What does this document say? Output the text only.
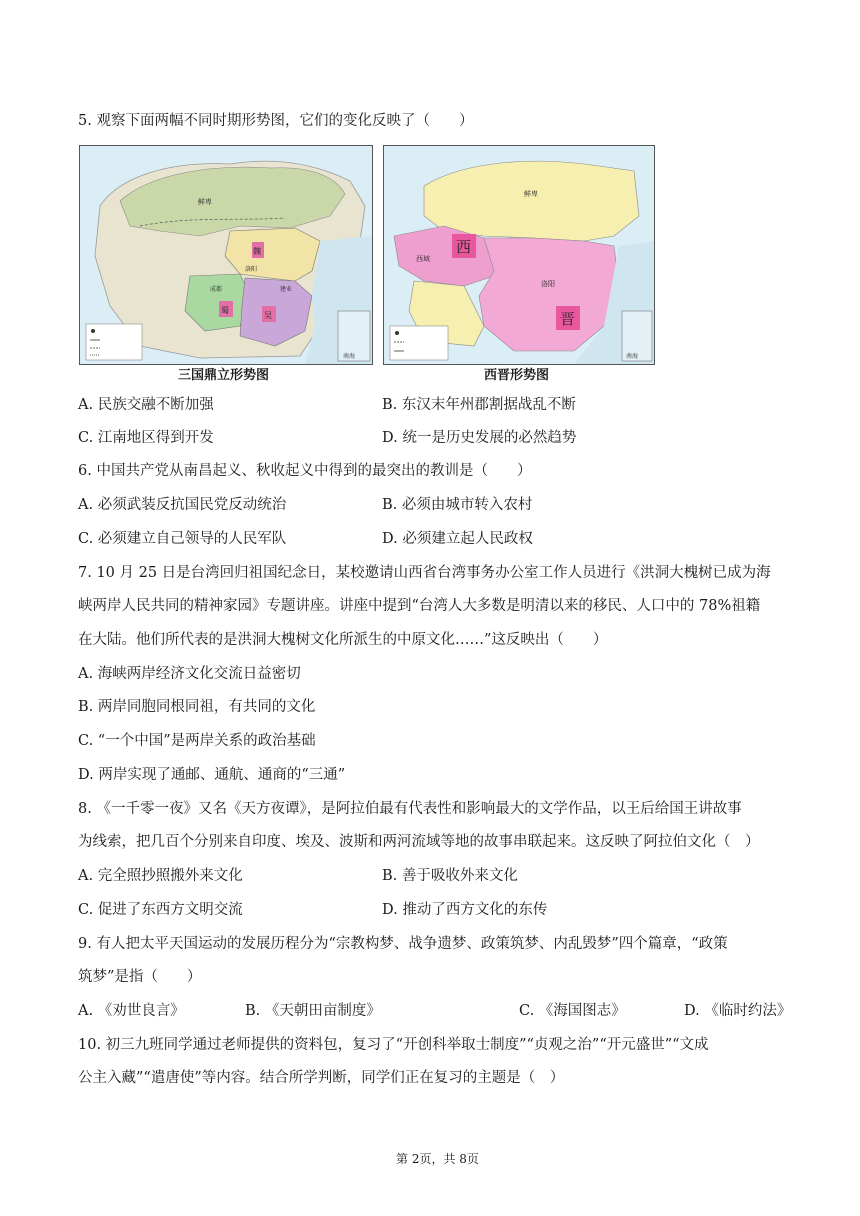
5. 观察下面两幅不同时期形势图，它们的变化反映了（　　）
鲜卑
魏
洛阳
成都	建业
蜀
吴
南海
三国鼎立形势图
鲜卑
西域
西
洛阳
晋
南海
西晋形势图
A. 民族交融不断加强	B. 东汉末年州郡割据战乱不断
C. 江南地区得到开发	D. 统一是历史发展的必然趋势
6. 中国共产党从南昌起义、秋收起义中得到的最突出的教训是（　　）
A. 必须武装反抗国民党反动统治	B. 必须由城市转入农村
C. 必须建立自己领导的人民军队	D. 必须建立起人民政权
7. 10 月 25 日是台湾回归祖国纪念日，某校邀请山西省台湾事务办公室工作人员进行《洪洞大槐树已成为海
峡两岸人民共同的精神家园》专题讲座。讲座中提到“台湾人大多数是明清以来的移民、人口中的 78%祖籍
在大陆。他们所代表的是洪洞大槐树文化所派生的中原文化……”这反映出（　　）
A. 海峡两岸经济文化交流日益密切
B. 两岸同胞同根同祖，有共同的文化
C. “一个中国”是两岸关系的政治基础
D. 两岸实现了通邮、通航、通商的“三通”
8. 《一千零一夜》又名《天方夜谭》，是阿拉伯最有代表性和影响最大的文学作品，以王后给国王讲故事
为线索，把几百个分别来自印度、埃及、波斯和两河流域等地的故事串联起来。这反映了阿拉伯文化（　）
A. 完全照抄照搬外来文化	B. 善于吸收外来文化
C. 促进了东西方文明交流	D. 推动了西方文化的东传
9. 有人把太平天国运动的发展历程分为“宗教构梦、战争遗梦、政策筑梦、内乱毁梦”四个篇章，“政策
筑梦”是指（　　）
A. 《劝世良言》	B. 《天朝田亩制度》	C. 《海国图志》	D. 《临时约法》
10. 初三九班同学通过老师提供的资料包，复习了“开创科举取士制度”“贞观之治”“开元盛世”“文成
公主入藏”“遣唐使”等内容。结合所学判断，同学们正在复习的主题是（　）
第 2页，共 8页
